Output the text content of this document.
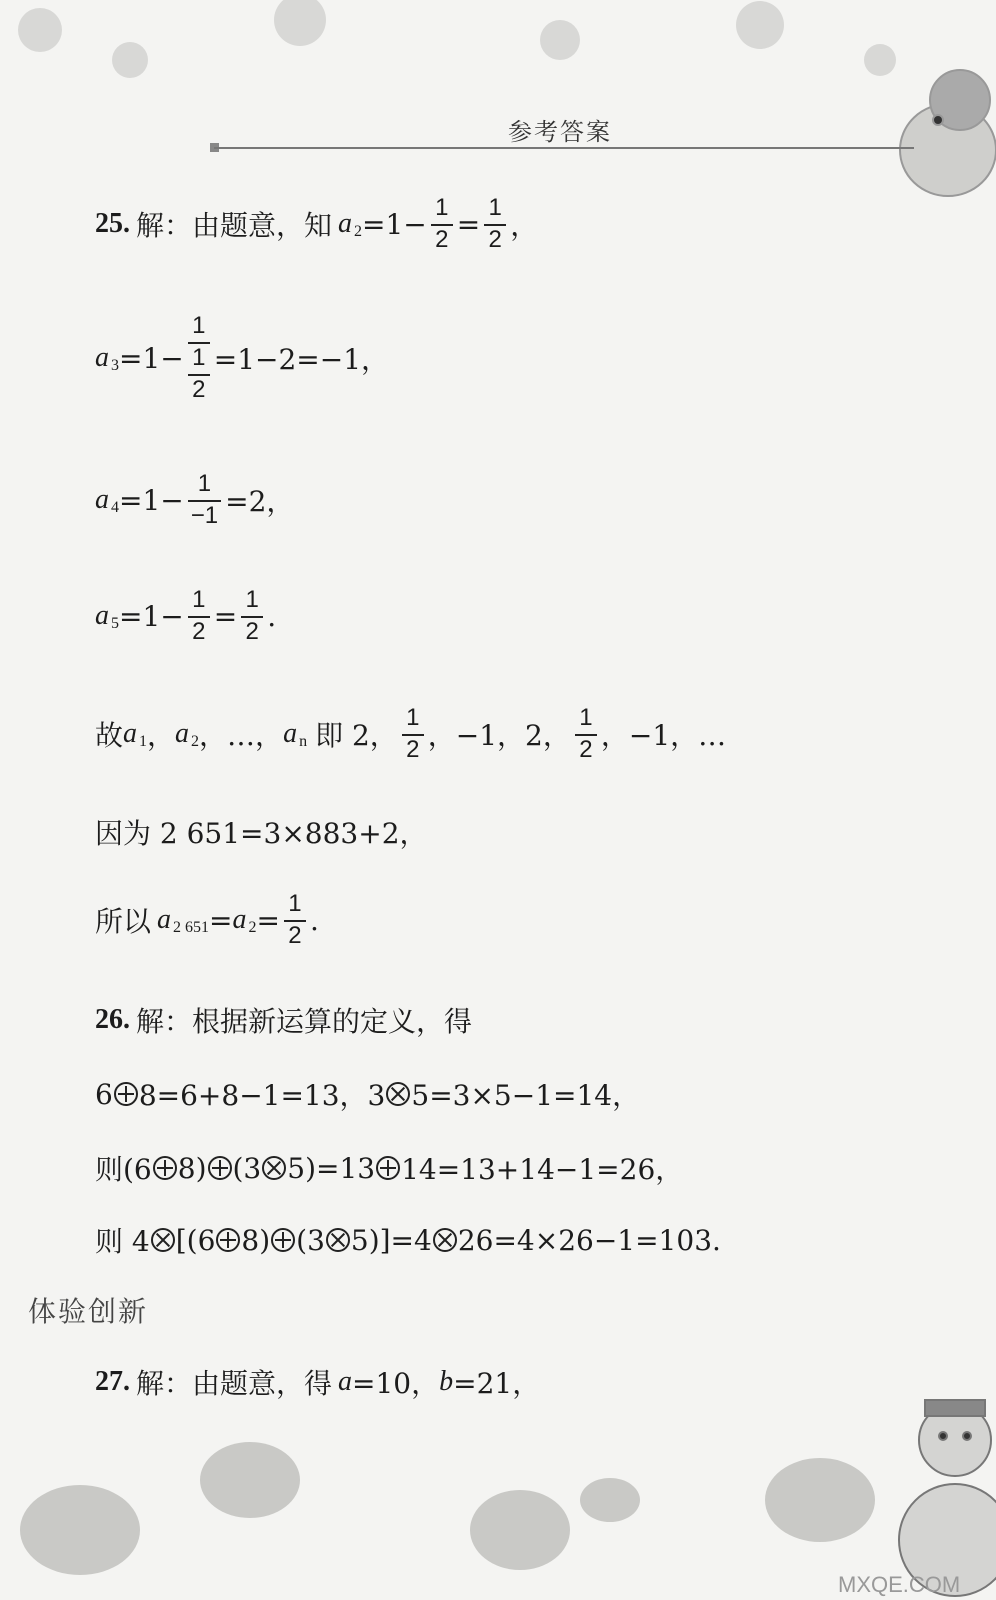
MXQE.COM
参考答案
25. 解：由题意，知 a $2 =1- \frac{1}{2} = \frac{1}{2}$ ，
a $3 =1- \frac{1}{\frac{1}{2}} =1-2=-1$，
a $4 =1- \frac{1}{-1} =2$，
a $5 =1- \frac{1}{2} = \frac{1}{2}$ .
故 a 1 ， a 2 ， …， a n 即 2， $\frac{1}{2}$ ，−1，2， $\frac{1}{2}$ ，−1，…
因为 2 651=3×883+2，
所以 a 2 651 = a $2 = \frac{1}{2}$ .
26. 解：根据新运算的定义，得
6 8=6+8−1=13，3 5=3×5−1=14，
则(6 8) (3 5)=13 14=13+14−1=26，
则 4 [(6 8) (3 5)]=4 26=4×26−1=103.
体验创新
27. 解：由题意，得 a =10， b =21，
